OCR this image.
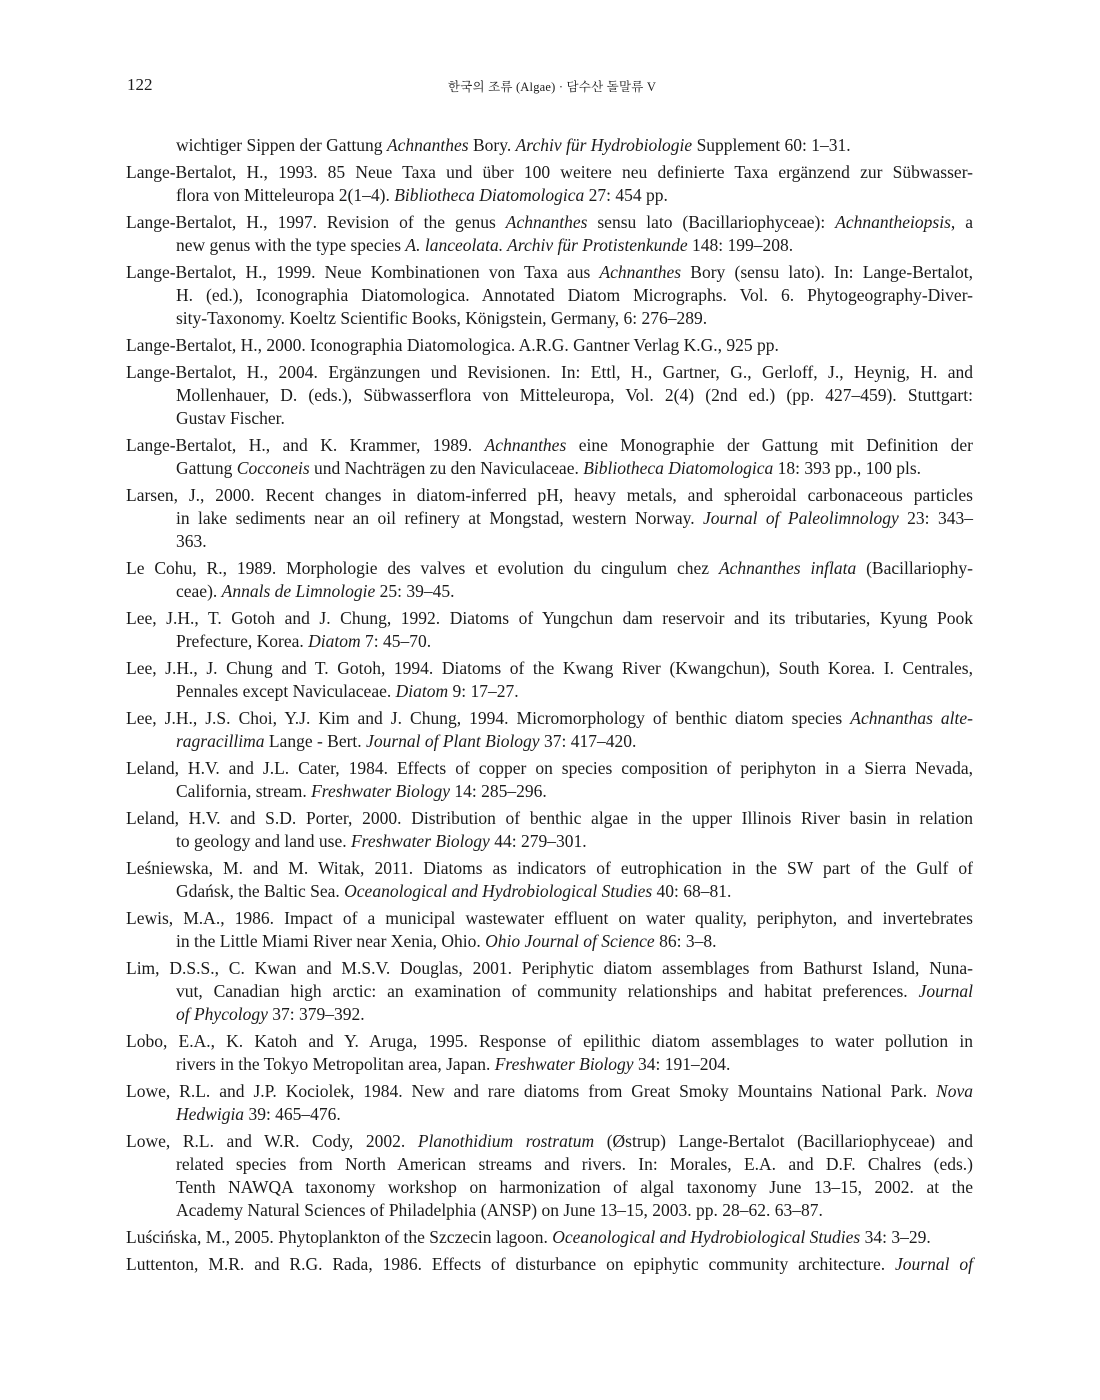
122	한국의 조류 (Algae) · 담수산 돌말류 V
wichtiger Sippen der Gattung Achnanthes Bory. Archiv für Hydrobiologie Supplement 60: 1–31.
Lange-Bertalot, H., 1993. 85 Neue Taxa und über 100 weitere neu definierte Taxa ergänzend zur Sübwasser-
flora von Mitteleuropa 2(1–4). Bibliotheca Diatomologica 27: 454 pp.
Lange-Bertalot, H., 1997. Revision of the genus Achnanthes sensu lato (Bacillariophyceae): Achnantheiopsis, a
new genus with the type species A. lanceolata. Archiv für Protistenkunde 148: 199–208.
Lange-Bertalot, H., 1999. Neue Kombinationen von Taxa aus Achnanthes Bory (sensu lato). In: Lange-Bertalot,
H. (ed.), Iconographia Diatomologica. Annotated Diatom Micrographs. Vol. 6. Phytogeography-Diver-
sity-Taxonomy. Koeltz Scientific Books, Königstein, Germany, 6: 276–289.
Lange-Bertalot, H., 2000. Iconographia Diatomologica. A.R.G. Gantner Verlag K.G., 925 pp.
Lange-Bertalot, H., 2004. Ergänzungen und Revisionen. In: Ettl, H., Gartner, G., Gerloff, J., Heynig, H. and
Mollenhauer, D. (eds.), Sübwasserflora von Mitteleuropa, Vol. 2(4) (2nd ed.) (pp. 427–459). Stuttgart:
Gustav Fischer.
Lange-Bertalot, H., and K. Krammer, 1989. Achnanthes eine Monographie der Gattung mit Definition der
Gattung Cocconeis und Nachträgen zu den Naviculaceae. Bibliotheca Diatomologica 18: 393 pp., 100 pls.
Larsen, J., 2000. Recent changes in diatom-inferred pH, heavy metals, and spheroidal carbonaceous particles
in lake sediments near an oil refinery at Mongstad, western Norway. Journal of Paleolimnology 23: 343–
363.
Le Cohu, R., 1989. Morphologie des valves et evolution du cingulum chez Achnanthes inflata (Bacillariophy-
ceae). Annals de Limnologie 25: 39–45.
Lee, J.H., T. Gotoh and J. Chung, 1992. Diatoms of Yungchun dam reservoir and its tributaries, Kyung Pook
Prefecture, Korea. Diatom 7: 45–70.
Lee, J.H., J. Chung and T. Gotoh, 1994. Diatoms of the Kwang River (Kwangchun), South Korea. I. Centrales,
Pennales except Naviculaceae. Diatom 9: 17–27.
Lee, J.H., J.S. Choi, Y.J. Kim and J. Chung, 1994. Micromorphology of benthic diatom species Achnanthas alte-
ragracillima Lange - Bert. Journal of Plant Biology 37: 417–420.
Leland, H.V. and J.L. Cater, 1984. Effects of copper on species composition of periphyton in a Sierra Nevada,
California, stream. Freshwater Biology 14: 285–296.
Leland, H.V. and S.D. Porter, 2000. Distribution of benthic algae in the upper Illinois River basin in relation
to geology and land use. Freshwater Biology 44: 279–301.
Leśniewska, M. and M. Witak, 2011. Diatoms as indicators of eutrophication in the SW part of the Gulf of
Gdańsk, the Baltic Sea. Oceanological and Hydrobiological Studies 40: 68–81.
Lewis, M.A., 1986. Impact of a municipal wastewater effluent on water quality, periphyton, and invertebrates
in the Little Miami River near Xenia, Ohio. Ohio Journal of Science 86: 3–8.
Lim, D.S.S., C. Kwan and M.S.V. Douglas, 2001. Periphytic diatom assemblages from Bathurst Island, Nuna-
vut, Canadian high arctic: an examination of community relationships and habitat preferences. Journal
of Phycology 37: 379–392.
Lobo, E.A., K. Katoh and Y. Aruga, 1995. Response of epilithic diatom assemblages to water pollution in
rivers in the Tokyo Metropolitan area, Japan. Freshwater Biology 34: 191–204.
Lowe, R.L. and J.P. Kociolek, 1984. New and rare diatoms from Great Smoky Mountains National Park. Nova
Hedwigia 39: 465–476.
Lowe, R.L. and W.R. Cody, 2002. Planothidium rostratum (Østrup) Lange-Bertalot (Bacillariophyceae) and
related species from North American streams and rivers. In: Morales, E.A. and D.F. Chalres (eds.)
Tenth NAWQA taxonomy workshop on harmonization of algal taxonomy June 13–15, 2002. at the
Academy Natural Sciences of Philadelphia (ANSP) on June 13–15, 2003. pp. 28–62. 63–87.
Luścińska, M., 2005. Phytoplankton of the Szczecin lagoon. Oceanological and Hydrobiological Studies 34: 3–29.
Luttenton, M.R. and R.G. Rada, 1986. Effects of disturbance on epiphytic community architecture. Journal of
